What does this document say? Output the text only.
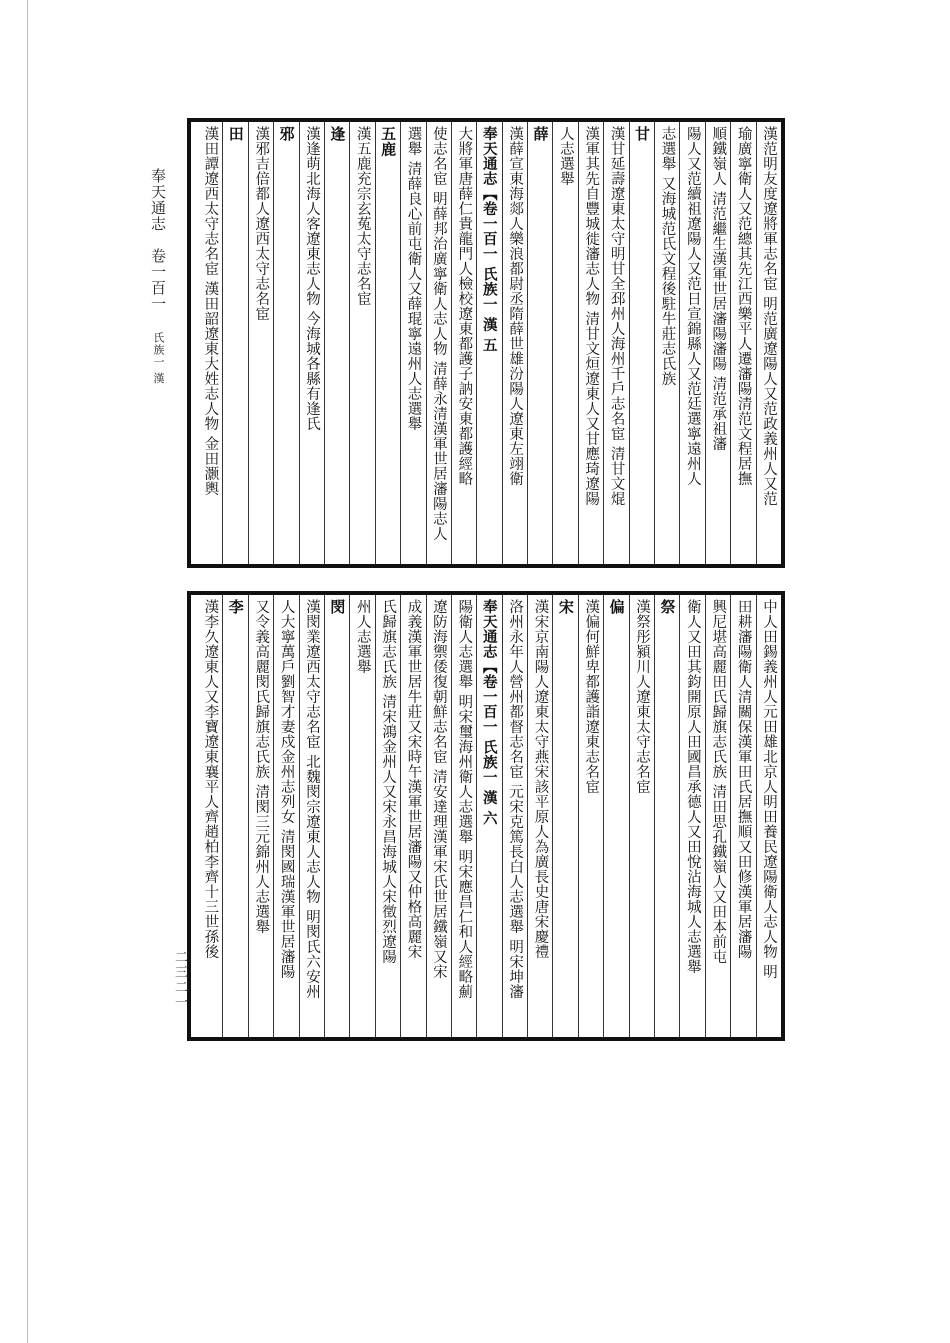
奉天通志卷一百一氏族一 漢
二三二一
漢范明友度遼將軍志名宦 明范廣遼陽人又范政義州人又范
瑜廣寧衛人又范總其先江西樂平人遷瀋陽清范文程居撫
順鐵嶺人 清范繼生漢軍世居瀋陽瀋陽 清范承祖瀋
陽人又范續祖遼陽人又范日宣錦縣人又范廷選寧遠州人
志選舉 又海城范氏文程後駐牛莊志氏族
甘
漢甘延壽遼東太守明甘全邳州人海州千戶志名宦 清甘文焜
漢軍其先自豐城徙瀋志人物 清甘文烜遼東人又甘應琦遼陽
人志選舉
薛
漢薛宣東海郯人樂浪都尉丞隋薛世雄汾陽人遼東左翊衛
奉天通志【卷一百一 氏族一 漢 五
大將軍唐薛仁貴龍門人檢校遼東都護子訥安東都護經略
使志名宦 明薛邦治廣寧衛人志人物 清薛永清漢軍世居瀋陽志人
選舉 清薛良心前屯衛人又薛琨寧遠州人志選舉
五鹿
漢五鹿充宗玄菟太守志名宦
逢
漢逢萌北海人客遼東志人物 今海城各縣有逢氏
邪
漢邪吉倍都人遼西太守志名宦
田
漢田譚遼西太守志名宦 漢田韶遼東大姓志人物 金田灏輿
中人田錫義州人元田雄北京人明田養民遼陽衛人志人物 明
田耕瀋陽衛人清關保漢軍田氏居撫順又田修漢軍居瀋陽
興尼堪高麗田氏歸旗志氏族 清田思孔鐵嶺人又田本前屯
衛人又田其鈞開原人田國昌承德人又田悅沾海城人志選舉
祭
漢祭彤潁川人遼東太守志名宦
偏
漢偏何鮮卑都護詣遼東志名宦
宋
漢宋京南陽人遼東太守燕宋該平原人為廣長史唐宋慶禮
洛州永年人營州都督志名宦 元宋克篤長白人志選舉 明宋坤瀋
奉天通志【卷一百一 氏族一 漢 六
陽衛人志選舉 明宋璽海州衛人志選舉 明宋應昌仁和人經略薊
遼防海禦倭復朝鮮志名宦 清安達理漢軍宋氏世居鐵嶺又宋
成義漢軍世居牛莊又宋時午漢軍世居瀋陽又仲格高麗宋
氏歸旗志氏族 清宋鴻金州人又宋永昌海城人宋徵烈遼陽
州人志選舉
閔
漢閔業遼西太守志名宦 北魏閔宗遼東人志人物 明閔氏六安州
人大寧萬戶劉智才妻戍金州志列女 清閔國瑞漢軍世居瀋陽
又令義高麗閔氏歸旗志氏族 清閔三元錦州人志選舉
李
漢李久遼東人又李寶遼東襄平人齊趙柏李齊十三世孫後
